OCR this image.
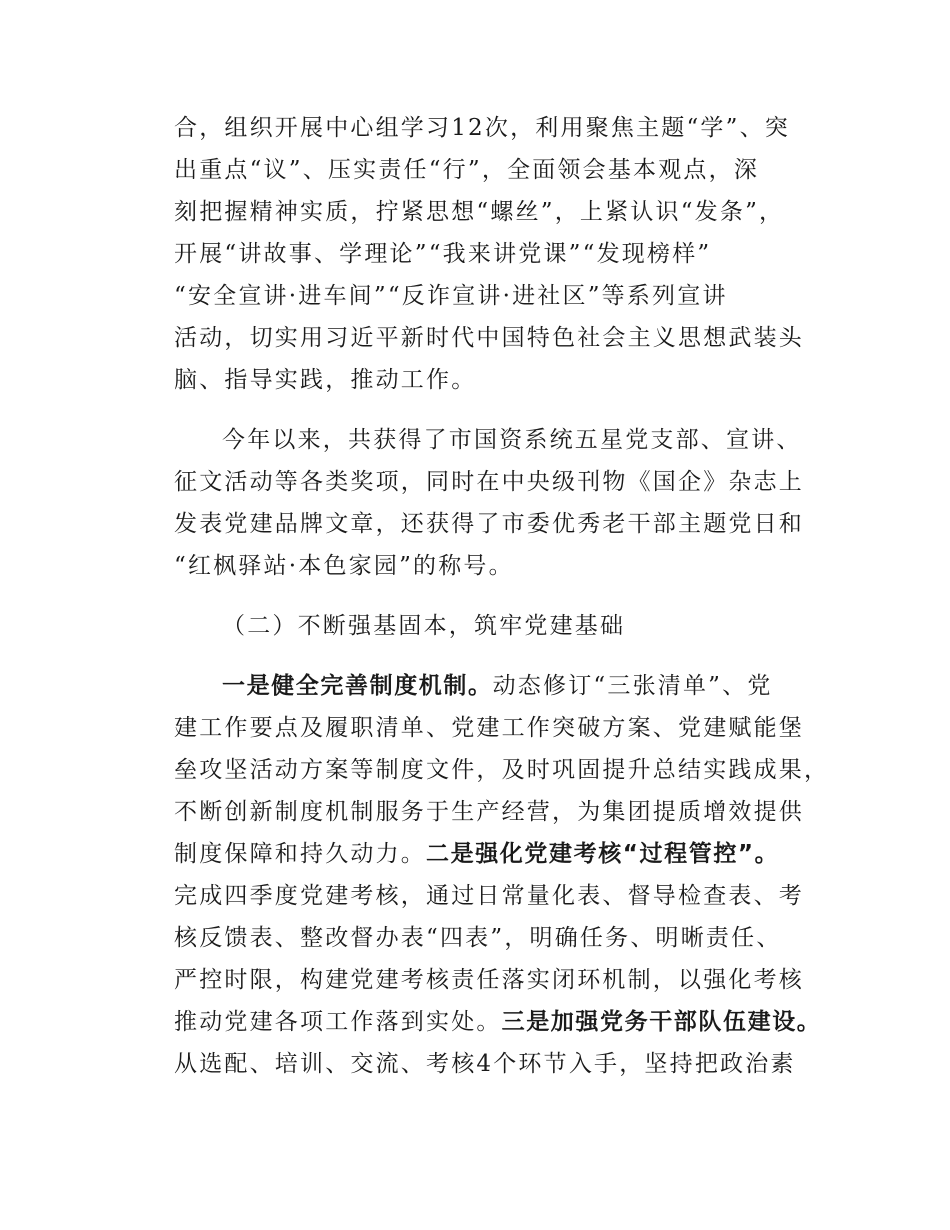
合，组织开展中心组学习12次，利用聚焦主题“学”、突
出重点“议”、压实责任“行”，全面领会基本观点，深
刻把握精神实质，拧紧思想“螺丝”，上紧认识“发条”，
开展“讲故事、学理论”“我来讲党课”“发现榜样”
“安全宣讲·进车间”“反诈宣讲·进社区”等系列宣讲
活动，切实用习近平新时代中国特色社会主义思想武装头
脑、指导实践，推动工作。
今年以来，共获得了市国资系统五星党支部、宣讲、
征文活动等各类奖项，同时在中央级刊物《国企》杂志上
发表党建品牌文章，还获得了市委优秀老干部主题党日和
“红枫驿站·本色家园”的称号。
（二）不断强基固本，筑牢党建基础
一是健全完善制度机制。动态修订“三张清单”、党
建工作要点及履职清单、党建工作突破方案、党建赋能堡
垒攻坚活动方案等制度文件，及时巩固提升总结实践成果，
不断创新制度机制服务于生产经营，为集团提质增效提供
制度保障和持久动力。二是强化党建考核“过程管控”。
完成四季度党建考核，通过日常量化表、督导检查表、考
核反馈表、整改督办表“四表”，明确任务、明晰责任、
严控时限，构建党建考核责任落实闭环机制，以强化考核
推动党建各项工作落到实处。三是加强党务干部队伍建设。
从选配、培训、交流、考核4个环节入手，坚持把政治素
